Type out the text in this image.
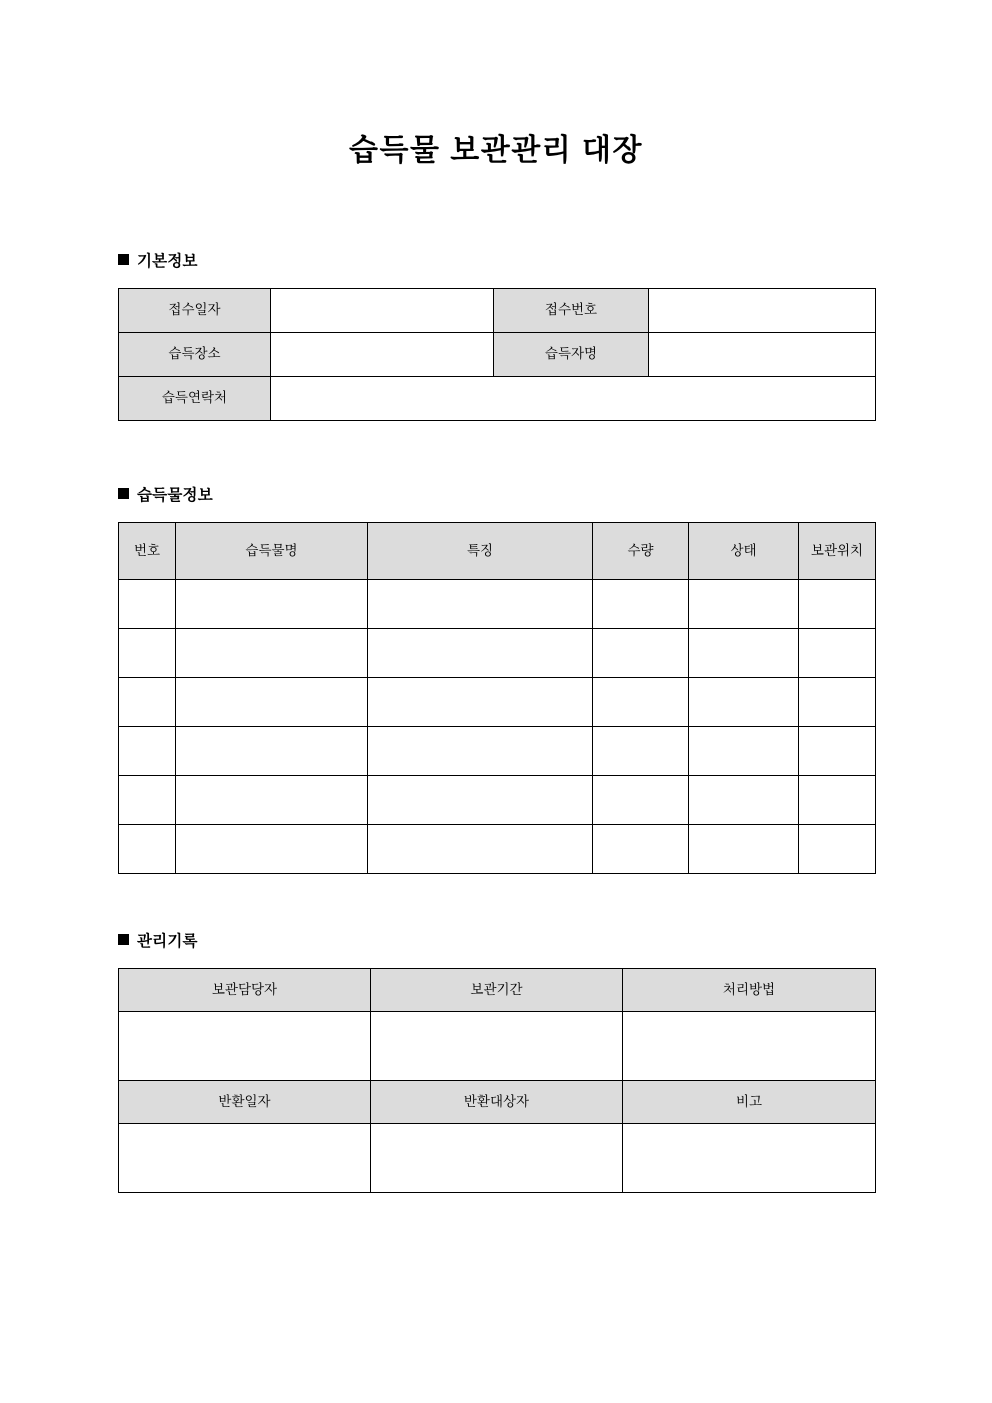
습득물 보관관리 대장
기본정보
접수일자		접수번호	
습득장소		습득자명	
습득연락처			
습득물정보
번호	습득물명	특징	수량	상태	보관위치

관리기록
보관담당자	보관기간	처리방법

반환일자	반환대상자	비고
